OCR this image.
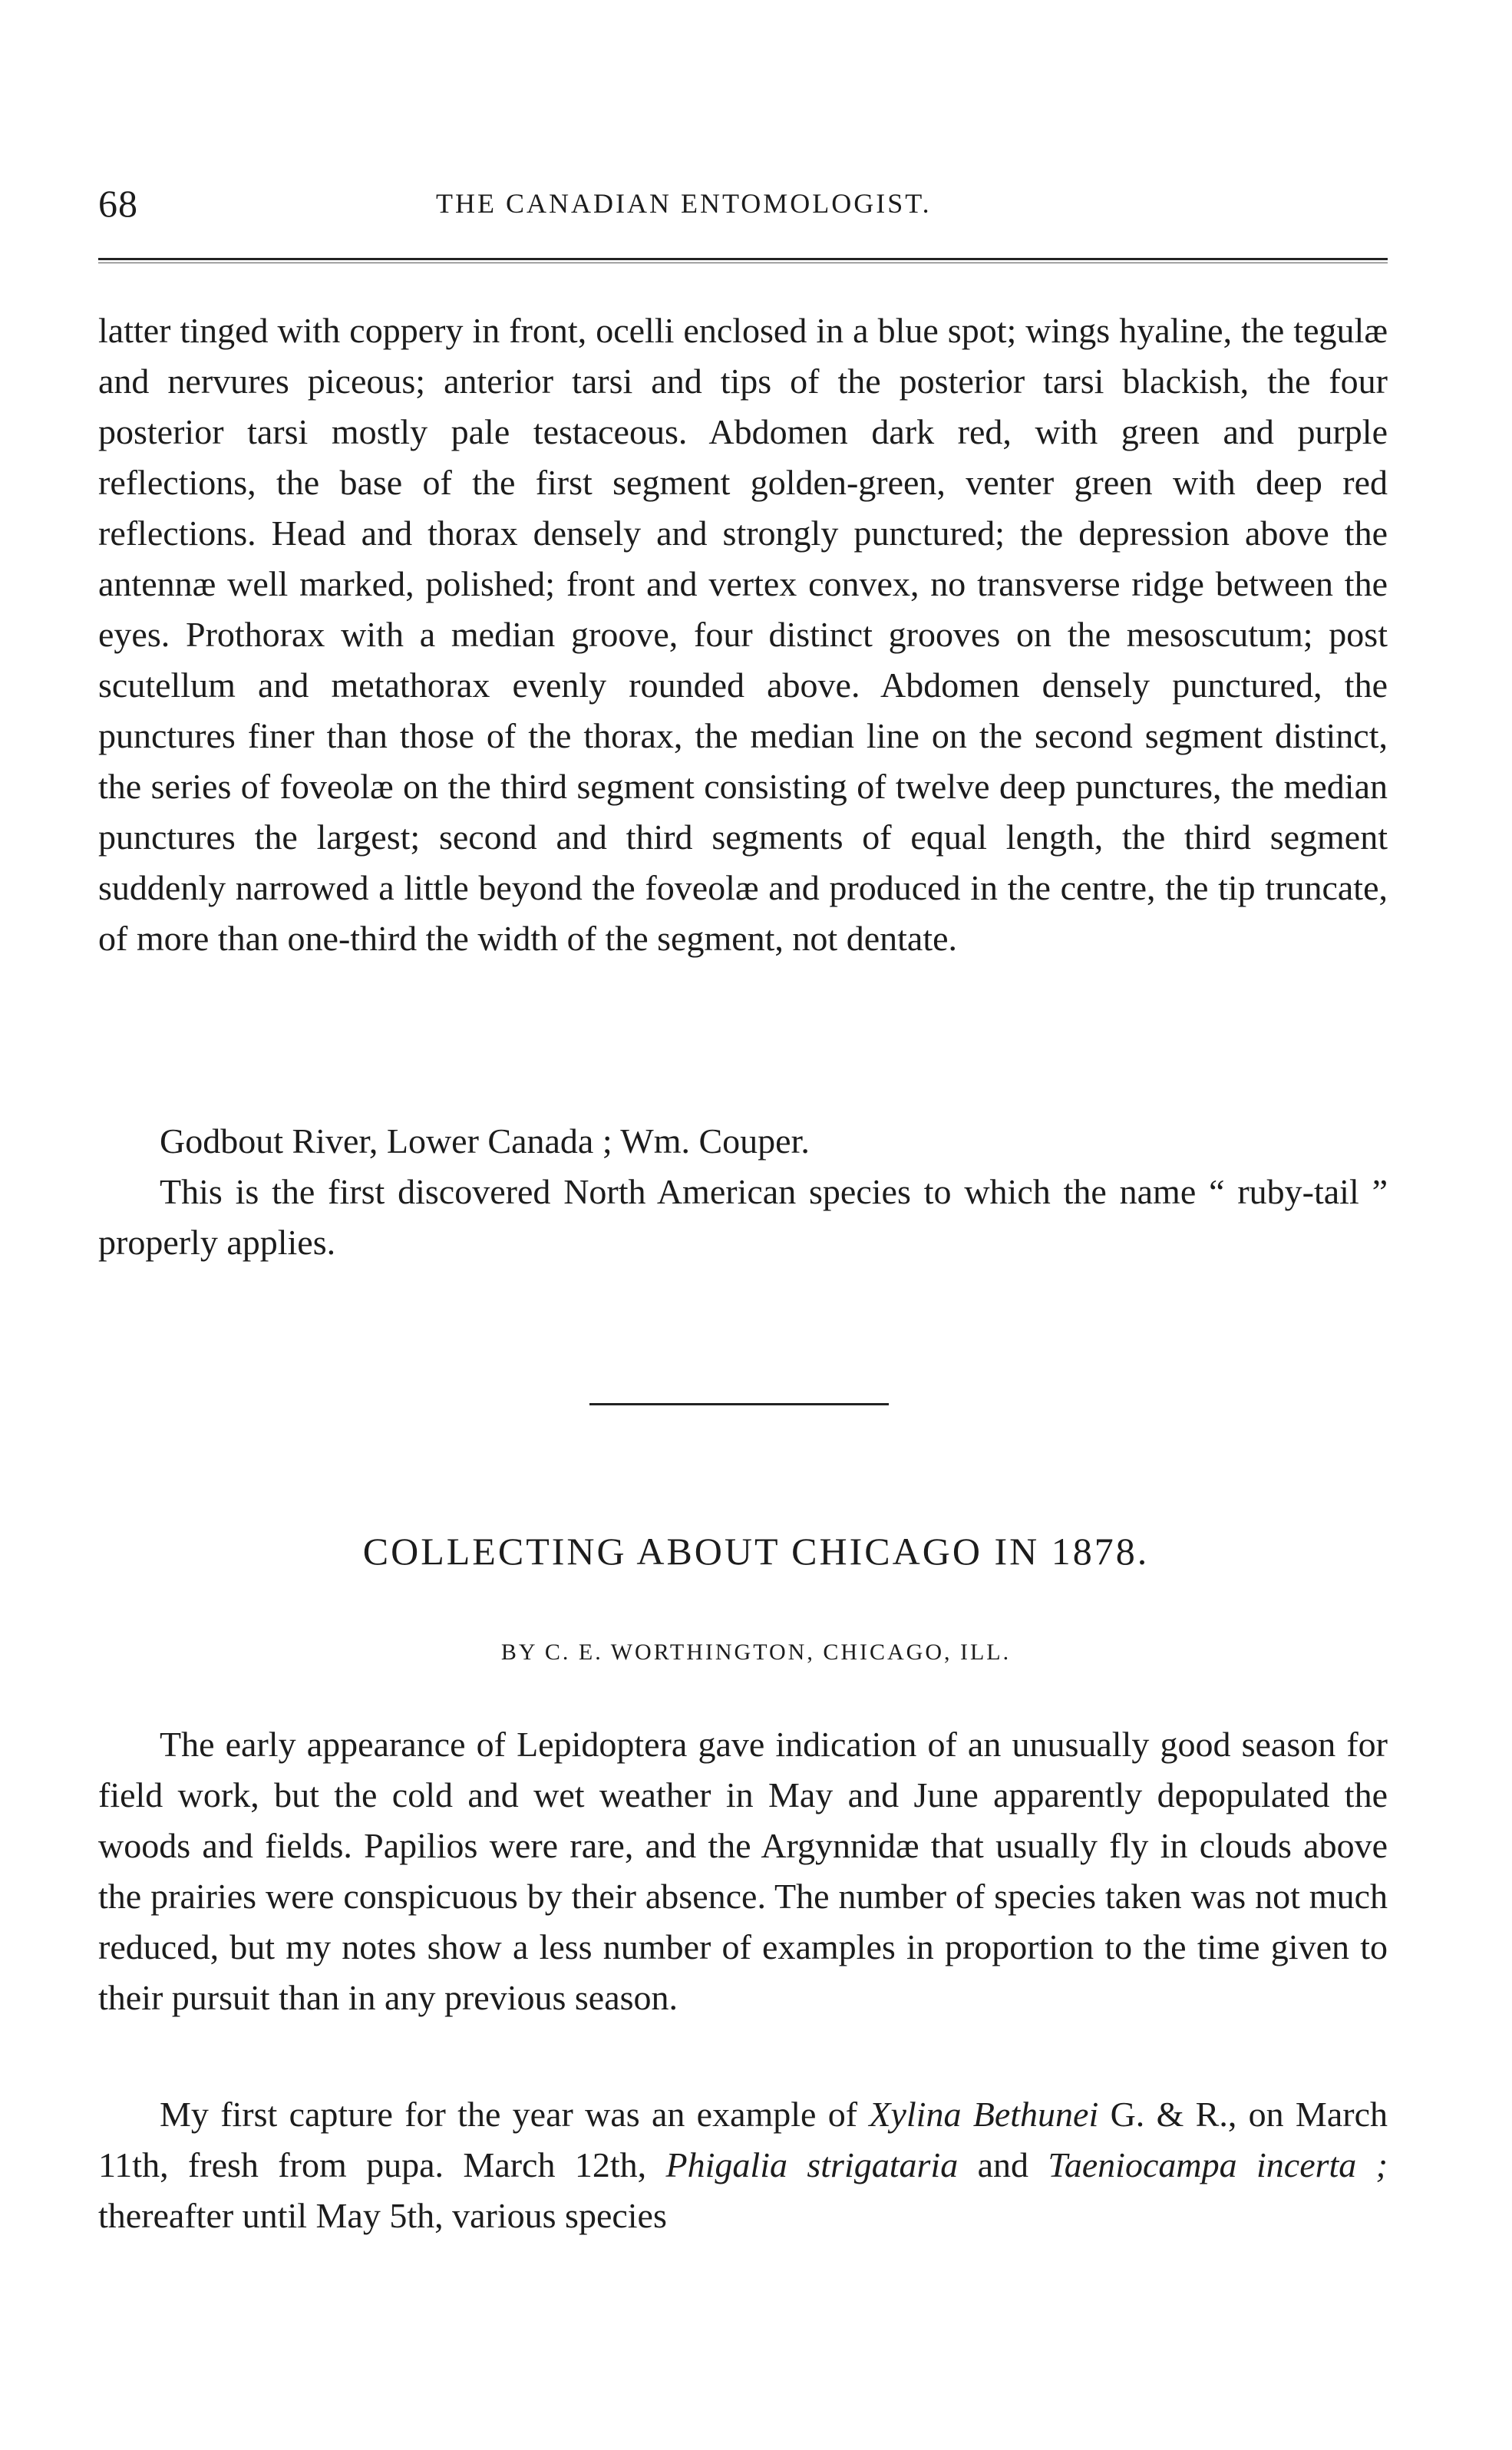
68	THE CANADIAN ENTOMOLOGIST.

latter tinged with coppery in front, ocelli enclosed in a blue spot; wings hyaline, the tegulæ and nervures piceous; anterior tarsi and tips of the posterior tarsi blackish, the four posterior tarsi mostly pale testaceous. Abdomen dark red, with green and purple reflections, the base of the first segment golden-green, venter green with deep red reflections. Head and thorax densely and strongly punctured; the depression above the antennæ well marked, polished; front and vertex convex, no transverse ridge between the eyes. Prothorax with a median groove, four distinct grooves on the mesoscutum; post scutellum and metathorax evenly rounded above. Abdomen densely punctured, the punctures finer than those of the thorax, the median line on the second segment distinct, the series of foveolæ on the third segment consisting of twelve deep punctures, the median punctures the largest; second and third segments of equal length, the third segment suddenly narrowed a little beyond the foveolæ and produced in the centre, the tip truncate, of more than one-third the width of the segment, not dentate.

Godbout River, Lower Canada ; Wm. Couper.

This is the first discovered North American species to which the name “ ruby-tail ” properly applies.

COLLECTING ABOUT CHICAGO IN 1878.
BY C. E. WORTHINGTON, CHICAGO, ILL.

The early appearance of Lepidoptera gave indication of an unusually good season for field work, but the cold and wet weather in May and June apparently depopulated the woods and fields. Papilios were rare, and the Argynnidæ that usually fly in clouds above the prairies were conspicuous by their absence. The number of species taken was not much reduced, but my notes show a less number of examples in proportion to the time given to their pursuit than in any previous season.

My first capture for the year was an example of Xylina Bethunei G. & R., on March 11th, fresh from pupa. March 12th, Phigalia strigataria and Taeniocampa incerta ; thereafter until May 5th, various species
